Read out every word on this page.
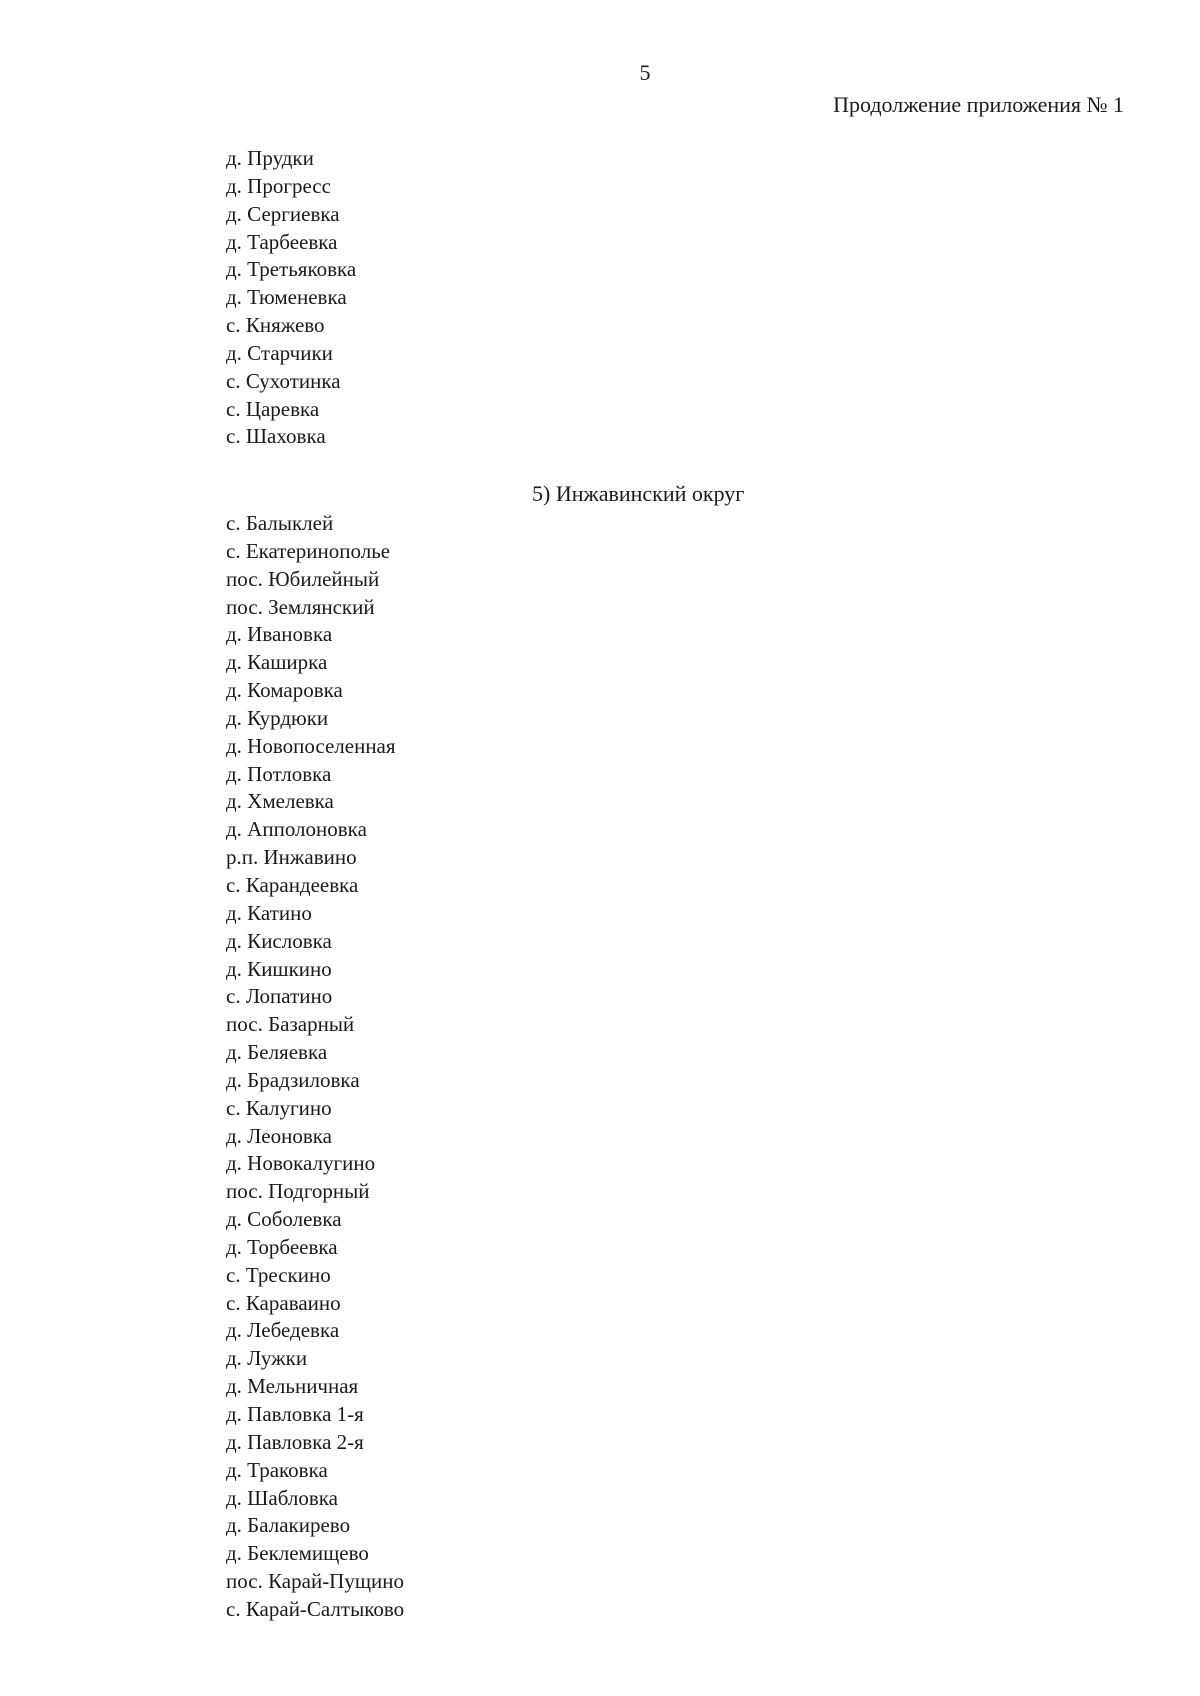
5
Продолжение приложения № 1
д. Прудки
д. Прогресс
д. Сергиевка
д. Тарбеевка
д. Третьяковка
д. Тюменевка
с. Княжево
д. Старчики
с. Сухотинка
с. Царевка
с. Шаховка
5) Инжавинский округ
с. Балыклей
с. Екатеринополье
пос. Юбилейный
пос. Землянский
д. Ивановка
д. Каширка
д. Комаровка
д. Курдюки
д. Новопоселенная
д. Потловка
д. Хмелевка
д. Апполоновка
р.п. Инжавино
с. Карандеевка
д. Катино
д. Кисловка
д. Кишкино
с. Лопатино
пос. Базарный
д. Беляевка
д. Брадзиловка
с. Калугино
д. Леоновка
д. Новокалугино
пос. Подгорный
д. Соболевка
д. Торбеевка
с. Трескино
с. Караваино
д. Лебедевка
д. Лужки
д. Мельничная
д. Павловка 1-я
д. Павловка 2-я
д. Траковка
д. Шабловка
д. Балакирево
д. Беклемищево
пос. Карай-Пущино
с. Карай-Салтыково
